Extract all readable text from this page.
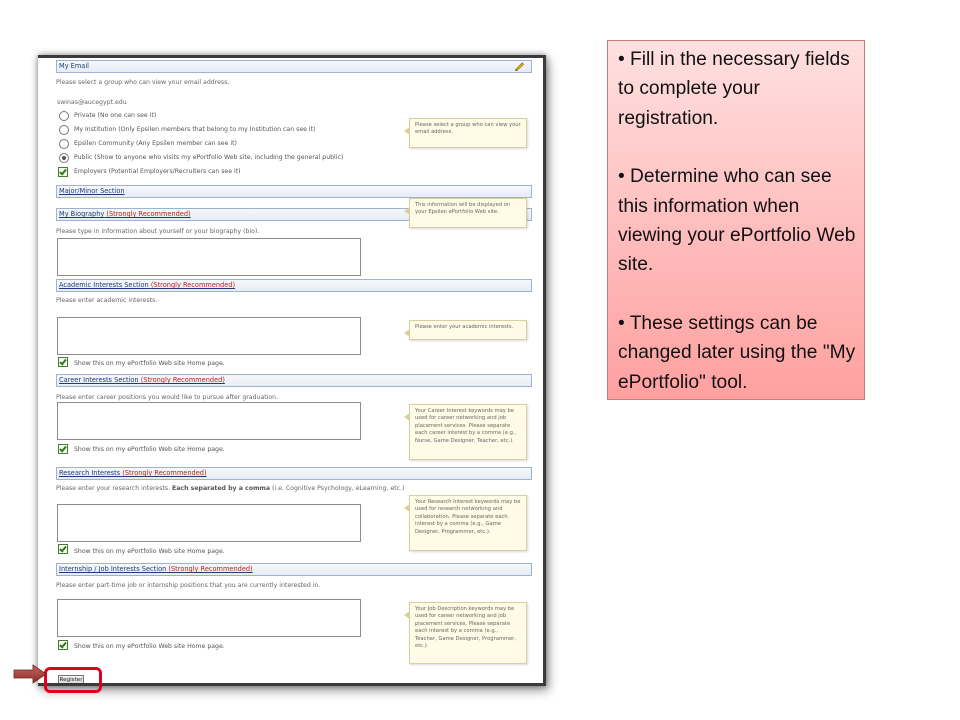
My Email
Please select a group who can view your email address.
swinas@aucegypt.edu
Private (No one can see it)
My Institution (Only Epsilen members that belong to my Institution can see it)
Epsilen Community (Any Epsilen member can see it)
Public (Show to anyone who visits my ePortfolio Web site, including the general public)
Employers (Potential Employers/Recruiters can see it)
Please select a group who can view your email address.
Major/Minor Section
My Biography (Strongly Recommended)
Please type in information about yourself or your biography (bio).
This information will be displayed on your Epsilen ePortfolio Web site.
Academic Interests Section (Strongly Recommended)
Please enter academic interests.
Show this on my ePortfolio Web site Home page.
Please enter your academic interests.
Career Interests Section (Strongly Recommended)
Please enter career positions you would like to pursue after graduation.
Show this on my ePortfolio Web site Home page.
Your Career Interest keywords may be used for career networking and job placement services. Please separate each career interest by a comma (e.g., Nurse, Game Designer, Teacher, etc.).
Research Interests (Strongly Recommended)
Please enter your research interests. Each separated by a comma (i.e. Cognitive Psychology, eLearning, etc.)
Show this on my ePortfolio Web site Home page.
Your Research Interest keywords may be used for research networking and collaboration. Please separate each interest by a comma (e.g., Game Designer, Programmer, etc.).
Internship / Job Interests Section (Strongly Recommended)
Please enter part-time job or internship positions that you are currently interested in.
Show this on my ePortfolio Web site Home page.
Your Job Description keywords may be used for career networking and job placement services. Please separate each interest by a comma (e.g., Teacher, Game Designer, Programmer, etc.).
Register

• Fill in the necessary fields to complete your registration.

• Determine who can see this information when viewing your ePortfolio Web site.

• These settings can be changed later using the "My ePortfolio" tool.
